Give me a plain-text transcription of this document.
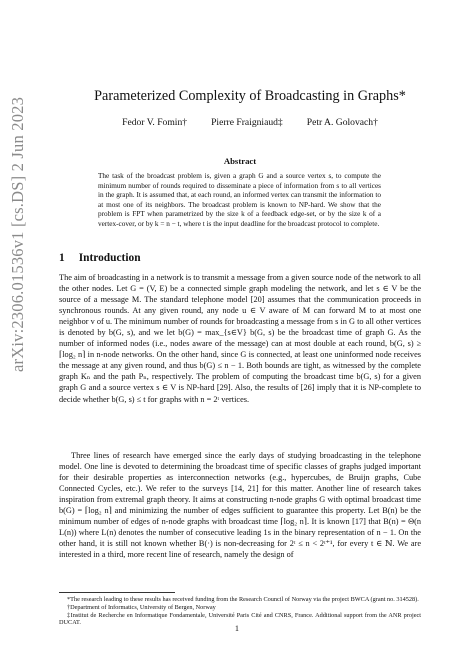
arXiv:2306.01536v1 [cs.DS] 2 Jun 2023
Parameterized Complexity of Broadcasting in Graphs*
Fedor V. Fomin†	Pierre Fraigniaud‡	Petr A. Golovach†
Abstract
The task of the broadcast problem is, given a graph G and a source vertex s, to compute the minimum number of rounds required to disseminate a piece of information from s to all vertices in the graph. It is assumed that, at each round, an informed vertex can transmit the information to at most one of its neighbors. The broadcast problem is known to NP-hard. We show that the problem is FPT when parametrized by the size k of a feedback edge-set, or by the size k of a vertex-cover, or by k = n − t, where t is the input deadline for the broadcast protocol to complete.
1 Introduction
The aim of broadcasting in a network is to transmit a message from a given source node of the network to all the other nodes. Let G = (V, E) be a connected simple graph modeling the network, and let s ∈ V be the source of a message M. The standard telephone model [20] assumes that the communication proceeds in synchronous rounds. At any given round, any node u ∈ V aware of M can forward M to at most one neighbor v of u. The minimum number of rounds for broadcasting a message from s in G to all other vertices is denoted by b(G, s), and we let b(G) = max_{s∈V} b(G, s) be the broadcast time of graph G. As the number of informed nodes (i.e., nodes aware of the message) can at most double at each round, b(G, s) ≥ ⌈log₂ n⌉ in n-node networks. On the other hand, since G is connected, at least one uninformed node receives the message at any given round, and thus b(G) ≤ n − 1. Both bounds are tight, as witnessed by the complete graph Kₙ and the path Pₙ, respectively. The problem of computing the broadcast time b(G, s) for a given graph G and a source vertex s ∈ V is NP-hard [29]. Also, the results of [26] imply that it is NP-complete to decide whether b(G, s) ≤ t for graphs with n = 2ᵗ vertices.
Three lines of research have emerged since the early days of studying broadcasting in the telephone model. One line is devoted to determining the broadcast time of specific classes of graphs judged important for their desirable properties as interconnection networks (e.g., hypercubes, de Bruijn graphs, Cube Connected Cycles, etc.). We refer to the surveys [14, 21] for this matter. Another line of research takes inspiration from extremal graph theory. It aims at constructing n-node graphs G with optimal broadcast time b(G) = ⌈log₂ n⌉ and minimizing the number of edges sufficient to guarantee this property. Let B(n) be the minimum number of edges of n-node graphs with broadcast time ⌈log₂ n⌉. It is known [17] that B(n) = Θ(n L(n)) where L(n) denotes the number of consecutive leading 1s in the binary representation of n − 1. On the other hand, it is still not known whether B(·) is non-decreasing for 2ᵗ ≤ n < 2ᵗ⁺¹, for every t ∈ ℕ. We are interested in a third, more recent line of research, namely the design of

*The research leading to these results has received funding from the Research Council of Norway via the project BWCA (grant no. 314528).

†Department of Informatics, University of Bergen, Norway

‡Institut de Recherche en Informatique Fondamentale, Université Paris Cité and CNRS, France. Additional support from the ANR project DUCAT.

1
